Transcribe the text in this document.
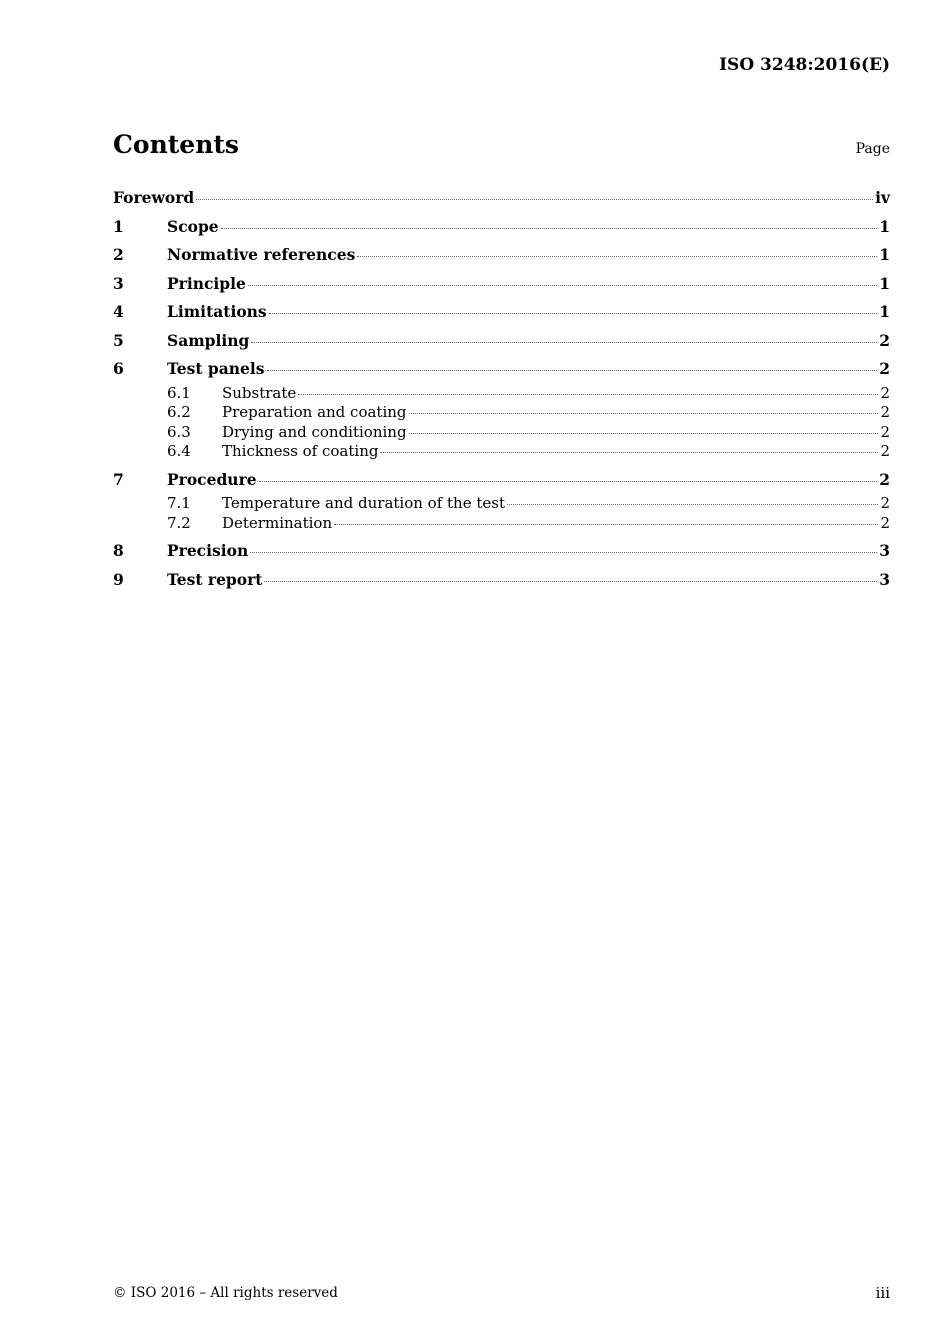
ISO 3248:2016(E)
Contents	Page
Foreword	iv
1	Scope	1
2	Normative references	1
3	Principle	1
4	Limitations	1
5	Sampling	2
6	Test panels	2
6.1	Substrate	2
6.2	Preparation and coating	2
6.3	Drying and conditioning	2
6.4	Thickness of coating	2
7	Procedure	2
7.1	Temperature and duration of the test	2
7.2	Determination	2
8	Precision	3
9	Test report	3
© ISO 2016 – All rights reserved	iii
